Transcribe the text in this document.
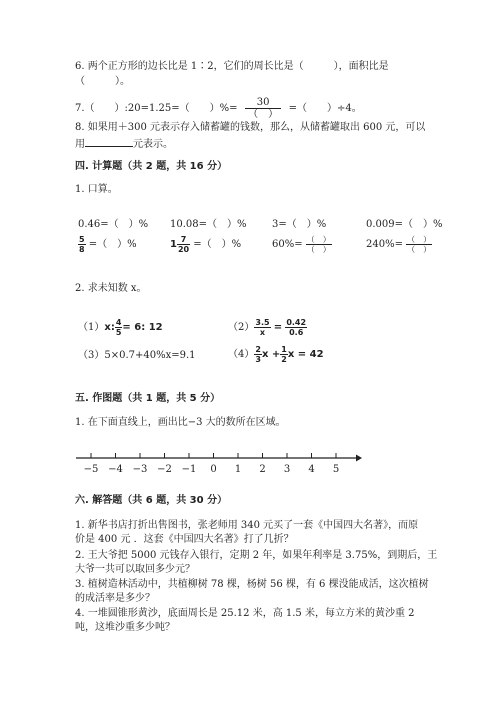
6. 两个正方形的边长比是 1∶2，它们的周长比是（　　　），面积比是
（　　　）。
7.（　　）:20=1.25=（　　）%= $\frac{30}{( )}$ =（　　）÷4。
8. 如果用＋300 元表示存入储蓄罐的钱数，那么，从储蓄罐取出 600 元，可以
用	元表示。
四. 计算题（共 2 题，共 16 分）
1. 口算。
0.46=（　）% 10.08=（　）%	3=（　）%	0.009=（　）%
$\frac{5}{8}$ =（　）%	$1 \frac{7}{20}$ =（　）%	$60\%= \frac{( )}{( )}$	$240\%= \frac{( )}{( )}$
2. 求未知数 x。
（1）x: $\frac{4}{5} = 6$: 12	$(2) \frac{3.5}{x} = \frac{0.42}{0.6}$
（3）5×0.7+40%x=9.1	$(4) \frac{2}{3}$ $x + \frac{1}{2}$ x = 42
五. 作图题（共 1 题，共 5 分）
1. 在下面直线上，画出比−3 大的数所在区域。
−5 −4 −3 −2 −1 0 1 2 3 4 5
六. 解答题（共 6 题，共 30 分）
1. 新华书店打折出售图书，张老师用 340 元买了一套《中国四大名著》，而原
价是 400 元 ．这套《中国四大名著》打了几折？
2. 王大爷把 5000 元钱存入银行，定期 2 年，如果年利率是 3.75%，到期后，王
大爷一共可以取回多少元？
3. 植树造林活动中，共植柳树 78 棵，杨树 56 棵，有 6 棵没能成活，这次植树
的成活率是多少？
4. 一堆圆锥形黄沙，底面周长是 25.12 米，高 1.5 米，每立方米的黄沙重 2
吨，这堆沙重多少吨？
